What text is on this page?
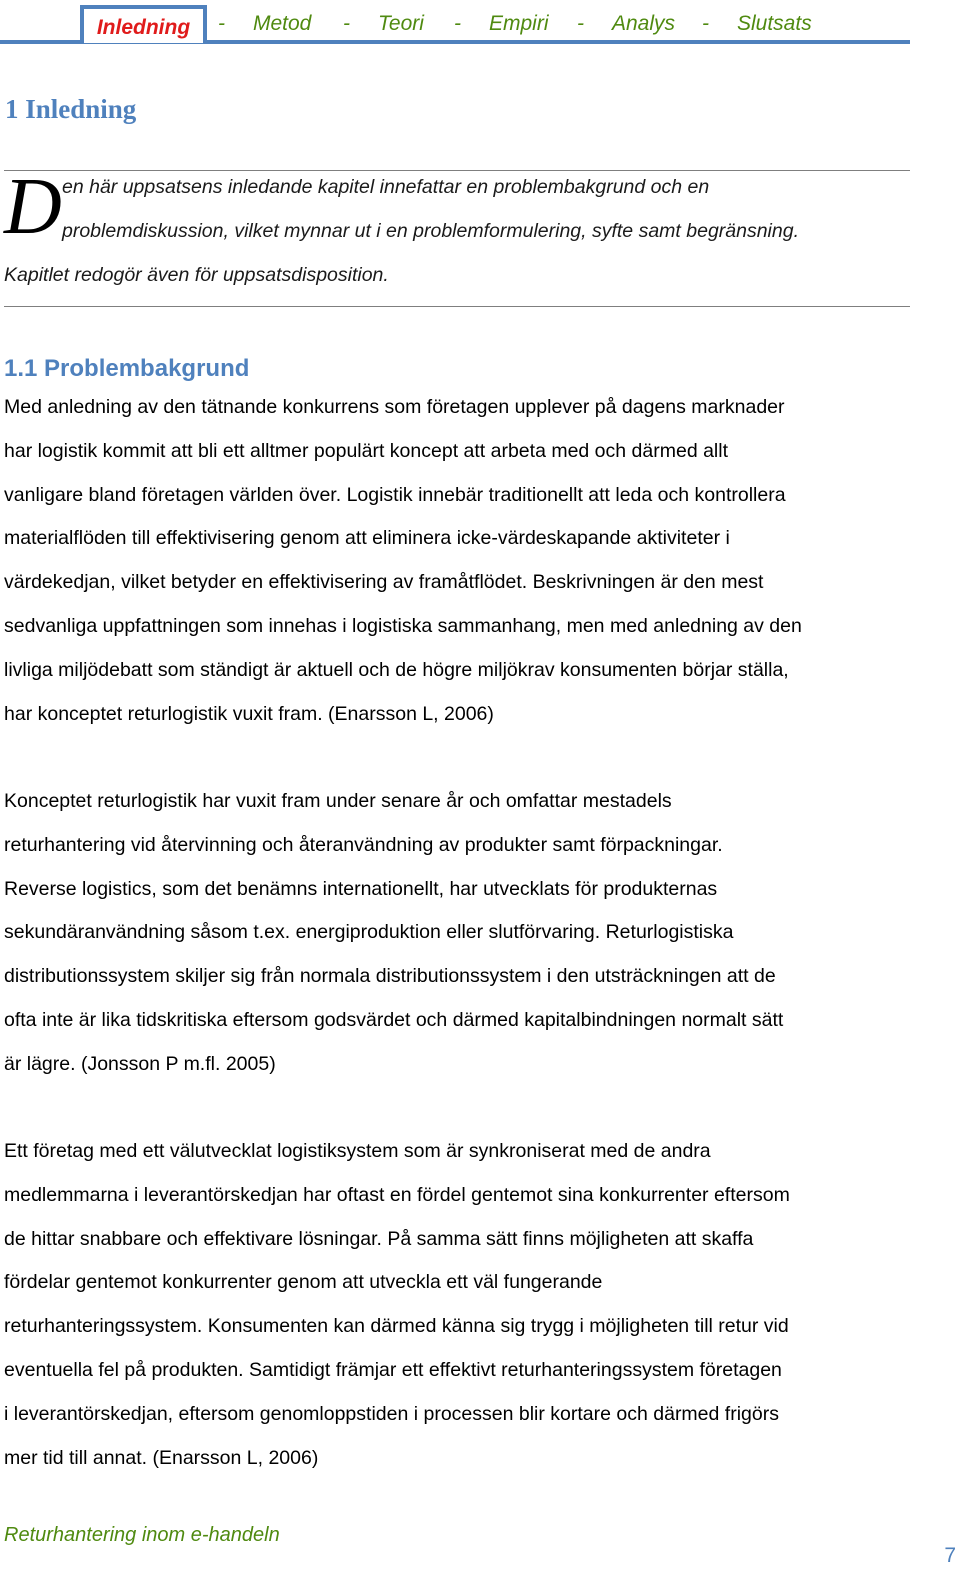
Inledning	- Metod - Teori - Empiri - Analys - Slutsats
1 Inledning
D en här uppsatsens inledande kapitel innefattar en problembakgrund och en
problemdiskussion, vilket mynnar ut i en problemformulering, syfte samt begränsning.
Kapitlet redogör även för uppsatsdisposition.
1.1 Problembakgrund
Med anledning av den tätnande konkurrens som företagen upplever på dagens marknader
har logistik kommit att bli ett alltmer populärt koncept att arbeta med och därmed allt
vanligare bland företagen världen över. Logistik innebär traditionellt att leda och kontrollera
materialflöden till effektivisering genom att eliminera icke-värdeskapande aktiviteter i
värdekedjan, vilket betyder en effektivisering av framåtflödet. Beskrivningen är den mest
sedvanliga uppfattningen som innehas i logistiska sammanhang, men med anledning av den
livliga miljödebatt som ständigt är aktuell och de högre miljökrav konsumenten börjar ställa,
har konceptet returlogistik vuxit fram. (Enarsson L, 2006)
Konceptet returlogistik har vuxit fram under senare år och omfattar mestadels
returhantering vid återvinning och återanvändning av produkter samt förpackningar.
Reverse logistics, som det benämns internationellt, har utvecklats för produkternas
sekundäranvändning såsom t.ex. energiproduktion eller slutförvaring. Returlogistiska
distributionssystem skiljer sig från normala distributionssystem i den utsträckningen att de
ofta inte är lika tidskritiska eftersom godsvärdet och därmed kapitalbindningen normalt sätt
är lägre. (Jonsson P m.fl. 2005)
Ett företag med ett välutvecklat logistiksystem som är synkroniserat med de andra
medlemmarna i leverantörskedjan har oftast en fördel gentemot sina konkurrenter eftersom
de hittar snabbare och effektivare lösningar. På samma sätt finns möjligheten att skaffa
fördelar gentemot konkurrenter genom att utveckla ett väl fungerande
returhanteringssystem. Konsumenten kan därmed känna sig trygg i möjligheten till retur vid
eventuella fel på produkten. Samtidigt främjar ett effektivt returhanteringssystem företagen
i leverantörskedjan, eftersom genomloppstiden i processen blir kortare och därmed frigörs
mer tid till annat. (Enarsson L, 2006)
Returhantering inom e-handeln
7
